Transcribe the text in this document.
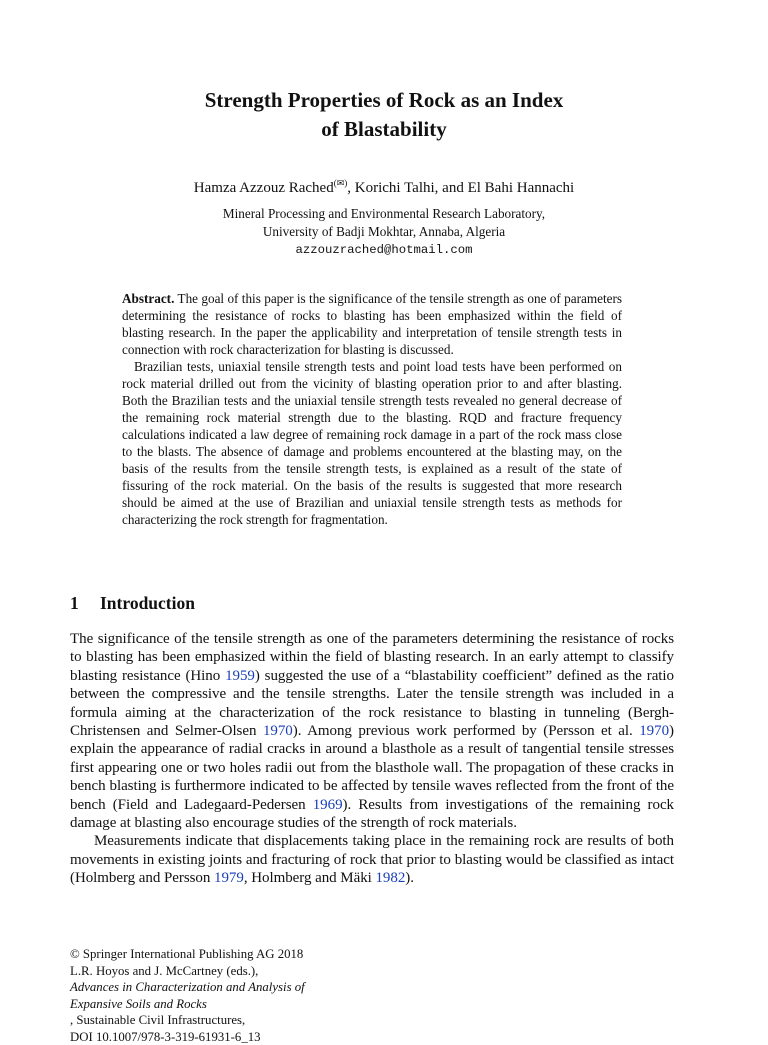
Strength Properties of Rock as an Index
of Blastability
Hamza Azzouz Rached(✉), Korichi Talhi, and El Bahi Hannachi
Mineral Processing and Environmental Research Laboratory,
University of Badji Mokhtar, Annaba, Algeria
azzouzrached@hotmail.com

Abstract. The goal of this paper is the significance of the tensile strength as one of parameters determining the resistance of rocks to blasting has been emphasized within the field of blasting research. In the paper the applicability and interpretation of tensile strength tests in connection with rock characterization for blasting is discussed.

Brazilian tests, uniaxial tensile strength tests and point load tests have been performed on rock material drilled out from the vicinity of blasting operation prior to and after blasting. Both the Brazilian tests and the uniaxial tensile strength tests revealed no general decrease of the remaining rock material strength due to the blasting. RQD and fracture frequency calculations indicated a law degree of remaining rock damage in a part of the rock mass close to the blasts. The absence of damage and problems encountered at the blasting may, on the basis of the results from the tensile strength tests, is explained as a result of the state of fissuring of the rock material. On the basis of the results is suggested that more research should be aimed at the use of Brazilian and uniaxial tensile strength tests as methods for characterizing the rock strength for fragmentation.

1 Introduction

The significance of the tensile strength as one of the parameters determining the resistance of rocks to blasting has been emphasized within the field of blasting research. In an early attempt to classify blasting resistance (Hino 1959) suggested the use of a “blastability coefficient” defined as the ratio between the compressive and the tensile strengths. Later the tensile strength was included in a formula aiming at the characterization of the rock resistance to blasting in tunneling (Bergh-Christensen and Selmer-Olsen 1970). Among previous work performed by (Persson et al. 1970) explain the appearance of radial cracks in around a blasthole as a result of tangential tensile stresses first appearing one or two holes radii out from the blasthole wall. The propagation of these cracks in bench blasting is furthermore indicated to be affected by tensile waves reflected from the front of the bench (Field and Ladegaard-Pedersen 1969). Results from investigations of the remaining rock damage at blasting also encourage studies of the strength of rock materials.

Measurements indicate that displacements taking place in the remaining rock are results of both movements in existing joints and fracturing of rock that prior to blasting would be classified as intact (Holmberg and Persson 1979, Holmberg and Mäki 1982).

© Springer International Publishing AG 2018
L.R. Hoyos and J. McCartney (eds.),
Advances in Characterization and Analysis of
Expansive Soils and Rocks
, Sustainable Civil Infrastructures,
DOI 10.1007/978-3-319-61931-6_13
